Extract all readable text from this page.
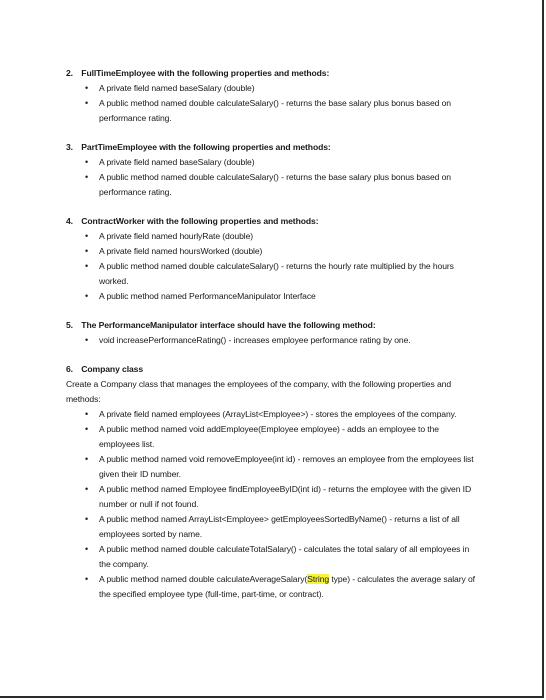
2. FullTimeEmployee with the following properties and methods:
• A private field named baseSalary (double)
• A public method named double calculateSalary() - returns the base salary plus bonus based on performance rating.
3. PartTimeEmployee with the following properties and methods:
• A private field named baseSalary (double)
• A public method named double calculateSalary() - returns the base salary plus bonus based on performance rating.
4. ContractWorker with the following properties and methods:
• A private field named hourlyRate (double)
• A private field named hoursWorked (double)
• A public method named double calculateSalary() - returns the hourly rate multiplied by the hours worked.
• A public method named PerformanceManipulator Interface
5. The PerformanceManipulator interface should have the following method:
• void increasePerformanceRating() - increases employee performance rating by one.
6. Company class

Create a Company class that manages the employees of the company, with the following properties and methods:

• A private field named employees (ArrayList<Employee>) - stores the employees of the company.
• A public method named void addEmployee(Employee employee) - adds an employee to the employees list.
• A public method named void removeEmployee(int id) - removes an employee from the employees list given their ID number.
• A public method named Employee findEmployeeByID(int id) - returns the employee with the given ID number or null if not found.
• A public method named ArrayList<Employee> getEmployeesSortedByName() - returns a list of all employees sorted by name.
• A public method named double calculateTotalSalary() - calculates the total salary of all employees in the company.
• A public method named double calculateAverageSalary(String type) - calculates the average salary of the specified employee type (full-time, part-time, or contract).
